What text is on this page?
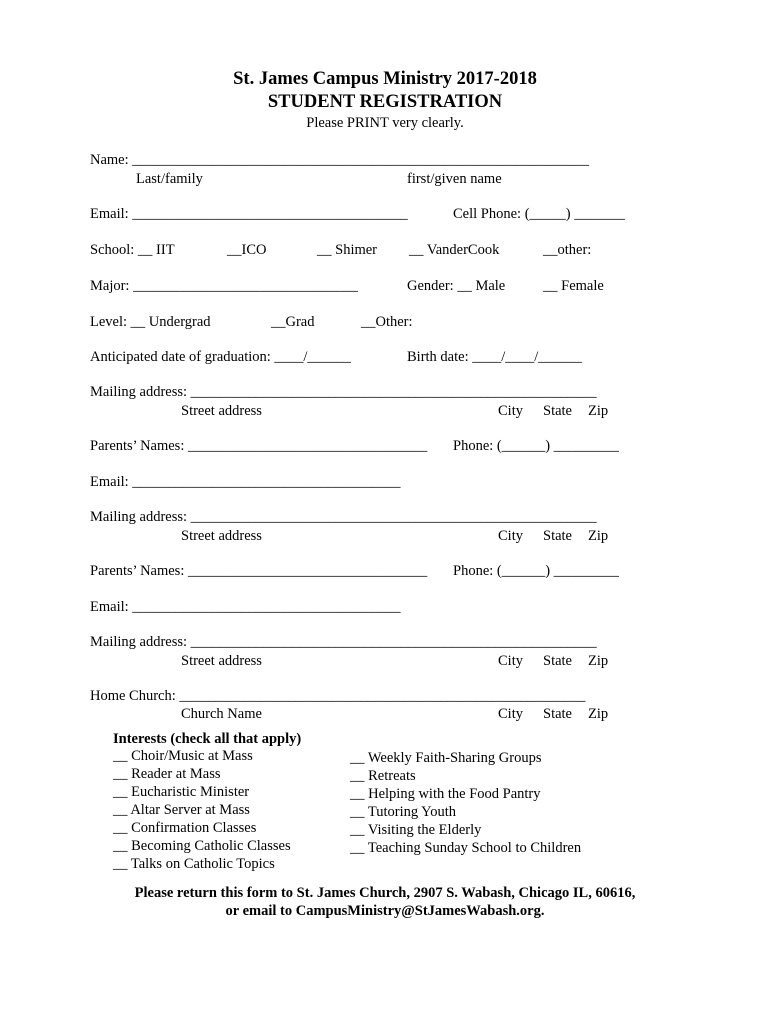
St. James Campus Ministry 2017-2018
STUDENT REGISTRATION
Please PRINT very clearly.
Name: _______________________________________________________________
Last/family	first/given name
Email: ______________________________________	Cell Phone: (_____) _______
School: __ IIT	__ICO	__ Shimer __ VanderCook	__other:
Major: _______________________________	Gender: __ Male	__ Female
Level: __ Undergrad	__Grad	__Other:
Anticipated date of graduation: ____/______	Birth date: ____/____/______
Mailing address: ________________________________________________________
Street address	City State Zip
Parents’ Names: _________________________________ Phone: (______) _________
Email: _____________________________________
Mailing address: ________________________________________________________
Street address	City State Zip
Parents’ Names: _________________________________ Phone: (______) _________
Email: _____________________________________
Mailing address: ________________________________________________________
Street address	City State Zip
Home Church: ________________________________________________________
Church Name	City State Zip
Interests (check all that apply)
__ Choir/Music at Mass
__ Reader at Mass
__ Eucharistic Minister
__ Altar Server at Mass
__ Confirmation Classes
__ Becoming Catholic Classes
__ Talks on Catholic Topics
__ Weekly Faith-Sharing Groups
__ Retreats
__ Helping with the Food Pantry
__ Tutoring Youth
__ Visiting the Elderly
__ Teaching Sunday School to Children
Please return this form to St. James Church, 2907 S. Wabash, Chicago IL, 60616,
or email to CampusMinistry@StJamesWabash.org.
